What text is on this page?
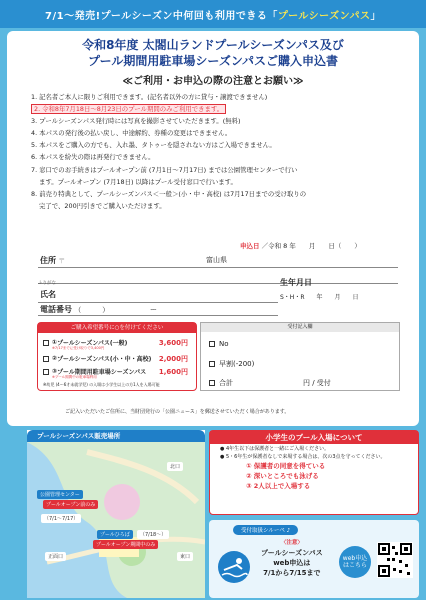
7/1〜発売!プールシーズン中何回も利用できる「 プールシーズンパス 」
令和8年度 太閤山ランドプールシーズンパス及び
プール期間用駐車場シーズンパスご購入申込書
≪ご利用・お申込の際の注意とお願い≫
1. 記名者ご本人に限りご利用できます。(記名者以外の方に貸与・譲渡できません)
2. 令和8年7月18日〜8月23日のプール期間のみご利用できます。
3. プールシーズンパス発行時には写真を撮影させていただきます。(無料)
4. 本パスの発行後の払い戻し、中途解約、券種の変更はできません。
5. 本パスをご購入の方でも、入れ墨、タトゥーを隠されない方はご入場できません。
6. 本パスを紛失の際は再発行できません。
7. 窓口でのお手続きはプールオープン前 (7月1日〜7月17日) までは公園管理センターで行い
ます。プールオープン (7月18日) 以降はプール受付窓口で行います。
8. 前売り特典として、プールシーズンパス＜一般＞(小・中・高校) は7月17日までの受け取りの
完了で、200円引きでご購入いただけます。
申込日 ／令和 8 年　　月　　日（　　）
住所 〒	富山県
ふりがな
氏名
生年月日
S・H・R　　年　　月　　日
電話番号 （　　　）　　　　　　 ー
ご購入希望番号に○を付けてください
① プールシーズンパス(一般)	3,600円
※7/17までに受け取りで3,400円
② プールシーズンパス(小・中・高校) 2,000円
③ プール期間用駐車場シーズンパス 1,600円
※プール期間中の駐車場利用
※幼児 (4〜6才未就学児) の入場は小学生以上の方1人を入場可能
受付記入欄
No
早割(-200)
合計	円 / 受付
ご記入いただいたご住所に、当財団発行の「公園ニュース」を郵送させていただく場合があります。
プールシーズンパス販売場所
公園管理センター
プールオープン前のみ
（7/1〜7/17）
プールひろば	（7/18〜）
プールオープン期間中のみ
正面口
北口
東口
小学生のプール入場について
● 4年生以下は保護者と一緒にご入場ください。
● 5・6年生が保護者なしで来場する場合は、次の3点を守ってください。
① 保護者の同意を得ている
② 深いところでも泳げる
③ 2人以上で入場する
受付取扱シルーペ ♪
〈注意〉
プールシーズンパス
web申込は
7/1から7/15まで
web申込
はこちら
